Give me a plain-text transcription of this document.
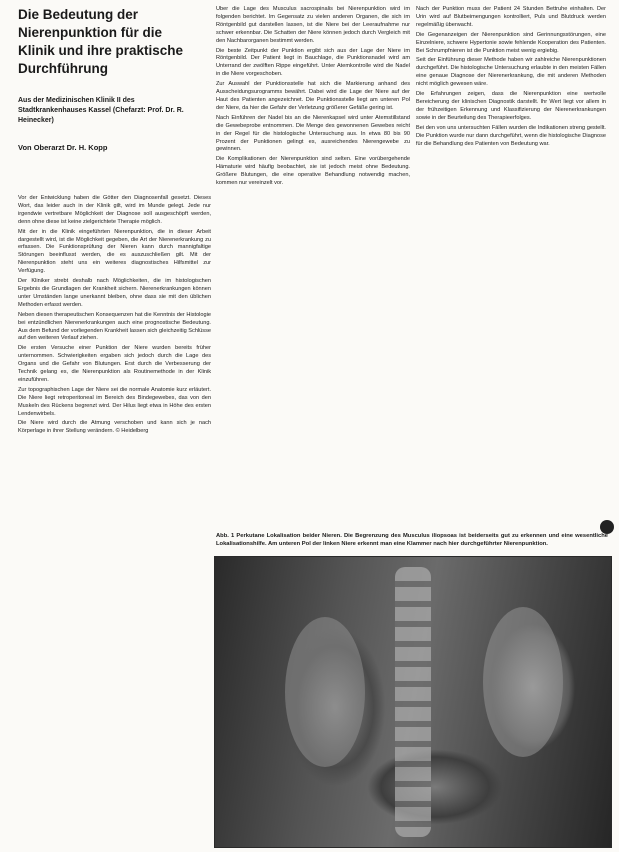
Die Bedeutung der Nierenpunktion für die Klinik und ihre praktische Durchführung
Aus der Medizinischen Klinik II des Stadtkrankenhauses Kassel (Chefarzt: Prof. Dr. R. Heinecker)
Von Oberarzt Dr. H. Kopp

Vor der Entwicklung haben die Götter den Diagnosenfall gesetzt. Dieses Wort, das leider auch in der Klinik gilt, wird im Munde gelegt. Jede nur irgendwie vertretbare Möglichkeit der Diagnose soll ausgeschöpft werden, denn ohne diese ist keine zielgerichtete Therapie möglich.

Mit der in die Klinik eingeführten Nierenpunktion, die in dieser Arbeit dargestellt wird, ist die Möglichkeit gegeben, die Art der Nierenerkrankung zu erfassen. Die Funktionsprüfung der Nieren kann durch mannigfaltige Störungen beeinflusst werden, die es auszuschließen gilt. Mit der Nierenpunktion steht uns ein weiteres diagnostisches Hilfsmittel zur Verfügung.

Der Kliniker strebt deshalb nach Möglichkeiten, die im histologischen Ergebnis die Grundlagen der Krankheit sichern. Nierenerkrankungen können unter Umständen lange unerkannt bleiben, ohne dass sie mit den üblichen Methoden erfasst werden.

Neben diesen therapeutischen Konsequenzen hat die Kenntnis der Histologie bei entzündlichen Nierenerkrankungen auch eine prognostische Bedeutung. Aus dem Befund der vorliegenden Krankheit lassen sich gleichzeitig Schlüsse auf den weiteren Verlauf ziehen.

Die ersten Versuche einer Punktion der Niere wurden bereits früher unternommen. Schwierigkeiten ergaben sich jedoch durch die Lage des Organs und die Gefahr von Blutungen. Erst durch die Verbesserung der Technik gelang es, die Nierenpunktion als Routinemethode in der Klinik einzuführen.

Zur topographischen Lage der Niere sei die normale Anatomie kurz erläutert. Die Niere liegt retroperitoneal im Bereich des Bindegewebes, das von den Muskeln des Rückens begrenzt wird. Der Hilus liegt etwa in Höhe des ersten Lendenwirbels.

Die Niere wird durch die Atmung verschoben und kann sich je nach Körperlage in ihrer Stellung verändern. © Heidelberg

Über die Lage des Musculus sacrospinalis bei Nierenpunktion wird im folgenden berichtet. Im Gegensatz zu vielen anderen Organen, die sich im Röntgenbild gut darstellen lassen, ist die Niere bei der Leeraufnahme nur schwer erkennbar. Die Schatten der Niere können jedoch durch Vergleich mit den Nachbarorganen bestimmt werden.

Die beste Zeitpunkt der Punktion ergibt sich aus der Lage der Niere im Röntgenbild. Der Patient liegt in Bauchlage, die Punktionsnadel wird am Unterrand der zwölften Rippe eingeführt. Unter Atemkontrolle wird die Nadel in die Niere vorgeschoben.

Zur Auswahl der Punktionsstelle hat sich die Markierung anhand des Ausscheidungsurogramms bewährt. Dabei wird die Lage der Niere auf der Haut des Patienten angezeichnet. Die Punktionsstelle liegt am unteren Pol der Niere, da hier die Gefahr der Verletzung größerer Gefäße gering ist.

Nach Einführen der Nadel bis an die Nierenkapsel wird unter Atemstillstand die Gewebeprobe entnommen. Die Menge des gewonnenen Gewebes reicht in der Regel für die histologische Untersuchung aus. In etwa 80 bis 90 Prozent der Punktionen gelingt es, ausreichendes Nierengewebe zu gewinnen.

Die Komplikationen der Nierenpunktion sind selten. Eine vorübergehende Hämaturie wird häufig beobachtet, sie ist jedoch meist ohne Bedeutung. Größere Blutungen, die eine operative Behandlung notwendig machen, kommen nur vereinzelt vor.

Nach der Punktion muss der Patient 24 Stunden Bettruhe einhalten. Der Urin wird auf Blutbeimengungen kontrolliert, Puls und Blutdruck werden regelmäßig überwacht.

Die Gegenanzeigen der Nierenpunktion sind Gerinnungsstörungen, eine Einzelniere, schwere Hypertonie sowie fehlende Kooperation des Patienten. Bei Schrumpfnieren ist die Punktion meist wenig ergiebig.

Seit der Einführung dieser Methode haben wir zahlreiche Nierenpunktionen durchgeführt. Die histologische Untersuchung erlaubte in den meisten Fällen eine genaue Diagnose der Nierenerkrankung, die mit anderen Methoden nicht möglich gewesen wäre.

Die Erfahrungen zeigen, dass die Nierenpunktion eine wertvolle Bereicherung der klinischen Diagnostik darstellt. Ihr Wert liegt vor allem in der frühzeitigen Erkennung und Klassifizierung der Nierenerkrankungen sowie in der Beurteilung des Therapieerfolges.

Bei den von uns untersuchten Fällen wurden die Indikationen streng gestellt. Die Punktion wurde nur dann durchgeführt, wenn die histologische Diagnose für die Behandlung des Patienten von Bedeutung war.

Abb. 1 Perkutane Lokalisation beider Nieren. Die Begrenzung des Musculus iliopsoas ist beiderseits gut zu erkennen und eine wesentliche Lokalisationshilfe. Am unteren Pol der linken Niere erkennt man eine Klammer nach hier durchgeführter Nierenpunktion.
